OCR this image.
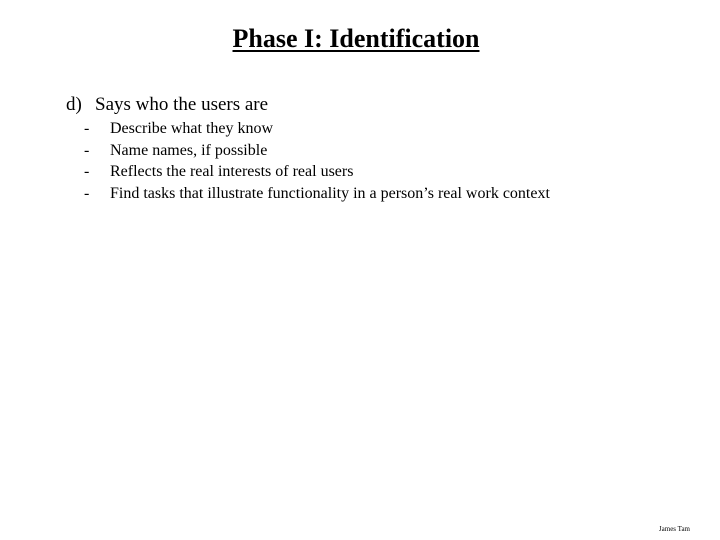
Phase I: Identification
d) Says who the users are
- Describe what they know
- Name names, if possible
- Reflects the real interests of real users
- Find tasks that illustrate functionality in a person’s real work context
James Tam
